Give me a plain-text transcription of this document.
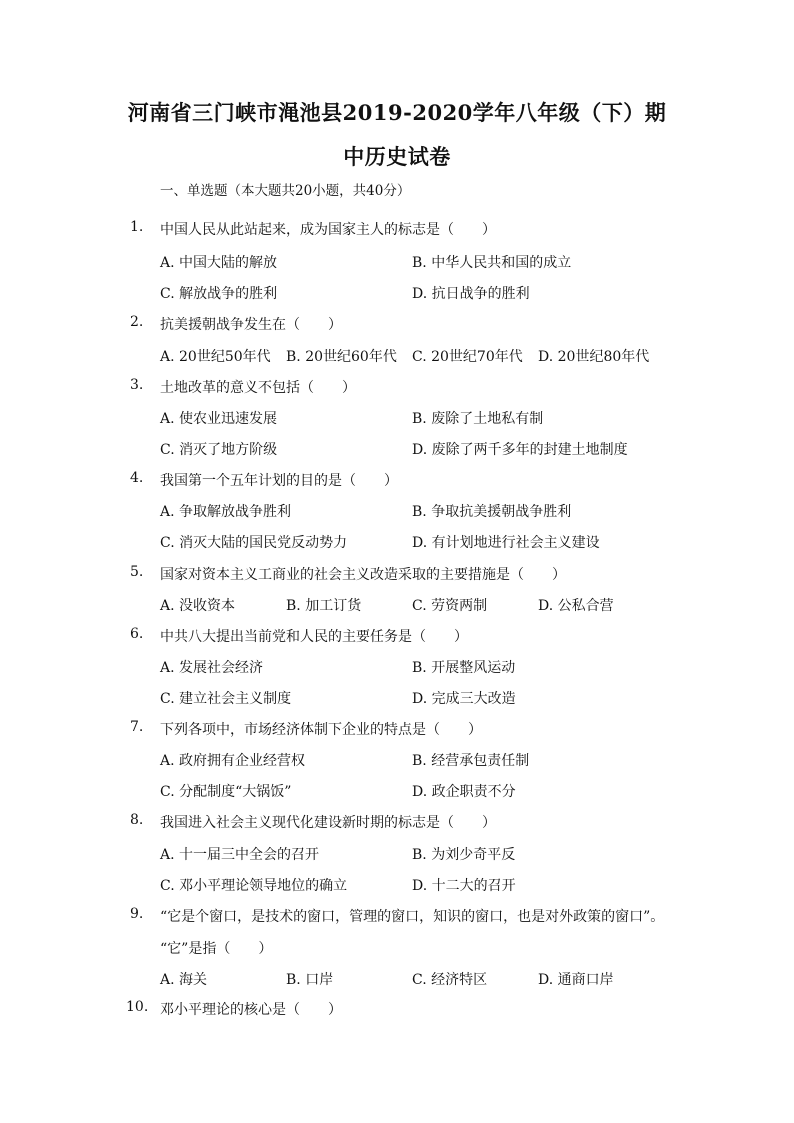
河南省三门峡市渑池县2019-2020学年八年级（下）期
中历史试卷
一、单选题（本大题共20小题，共40分）
1.	中国人民从此站起来，成为国家主人的标志是（　　）
A. 中国大陆的解放	B. 中华人民共和国的成立
C. 解放战争的胜利	D. 抗日战争的胜利
2.	抗美援朝战争发生在（　　）
A. 20世纪50年代 B. 20世纪60年代 C. 20世纪70年代 D. 20世纪80年代
3.	土地改革的意义不包括（　　）
A. 使农业迅速发展	B. 废除了土地私有制
C. 消灭了地方阶级	D. 废除了两千多年的封建土地制度
4.	我国第一个五年计划的目的是（　　）
A. 争取解放战争胜利	B. 争取抗美援朝战争胜利
C. 消灭大陆的国民党反动势力	D. 有计划地进行社会主义建设
5.	国家对资本主义工商业的社会主义改造采取的主要措施是（　　）
A. 没收资本	B. 加工订货	C. 劳资两制	D. 公私合营
6.	中共八大提出当前党和人民的主要任务是（　　）
A. 发展社会经济	B. 开展整风运动
C. 建立社会主义制度	D. 完成三大改造
7.	下列各项中，市场经济体制下企业的特点是（　　）
A. 政府拥有企业经营权	B. 经营承包责任制
C. 分配制度“大锅饭”	D. 政企职责不分
8.	我国进入社会主义现代化建设新时期的标志是（　　）
A. 十一届三中全会的召开	B. 为刘少奇平反
C. 邓小平理论领导地位的确立	D. 十二大的召开
9.	“它是个窗口，是技术的窗口，管理的窗口，知识的窗口，也是对外政策的窗口”。
“它”是指（　　）
A. 海关	B. 口岸	C. 经济特区	D. 通商口岸
10. 邓小平理论的核心是（　　）
